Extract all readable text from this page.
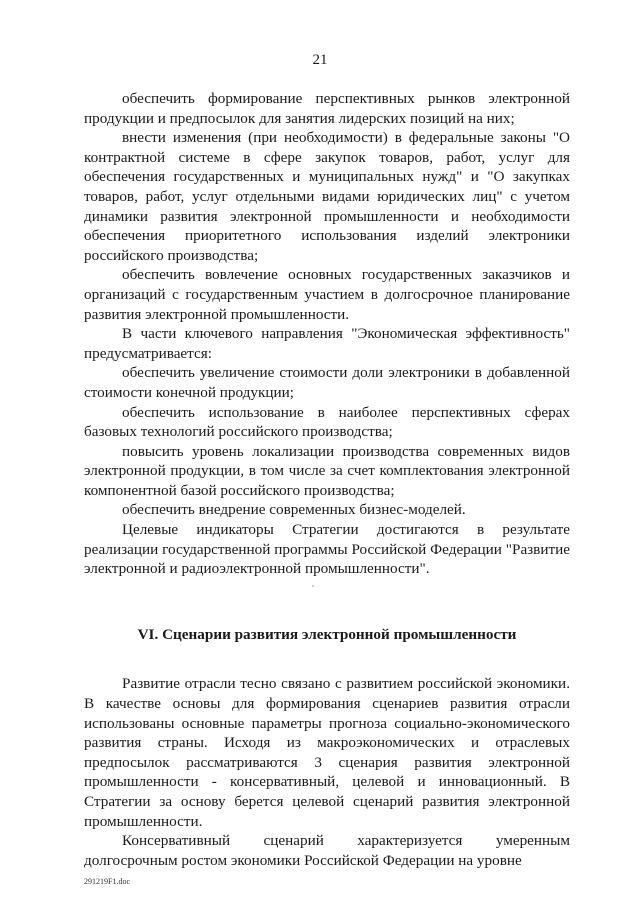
21

обеспечить формирование перспективных рынков электронной продукции и предпосылок для занятия лидерских позиций на них;

внести изменения (при необходимости) в федеральные законы "О контрактной системе в сфере закупок товаров, работ, услуг для обеспечения государственных и муниципальных нужд" и "О закупках товаров, работ, услуг отдельными видами юридических лиц" с учетом динамики развития электронной промышленности и необходимости обеспечения приоритетного использования изделий электроники российского производства;

обеспечить вовлечение основных государственных заказчиков и организаций с государственным участием в долгосрочное планирование развития электронной промышленности.

В части ключевого направления "Экономическая эффективность" предусматривается:

обеспечить увеличение стоимости доли электроники в добавленной стоимости конечной продукции;

обеспечить использование в наиболее перспективных сферах базовых технологий российского производства;

повысить уровень локализации производства современных видов электронной продукции, в том числе за счет комплектования электронной компонентной базой российского производства;

обеспечить внедрение современных бизнес-моделей.

Целевые индикаторы Стратегии достигаются в результате реализации государственной программы Российской Федерации "Развитие электронной и радиоэлектронной промышленности".

VI. Сценарии развития электронной промышленности

Развитие отрасли тесно связано с развитием российской экономики. В качестве основы для формирования сценариев развития отрасли использованы основные параметры прогноза социально-экономического развития страны. Исходя из макроэкономических и отраслевых предпосылок рассматриваются 3 сценария развития электронной промышленности - консервативный, целевой и инновационный. В Стратегии за основу берется целевой сценарий развития электронной промышленности.

Консервативный сценарий характеризуется умеренным долгосрочным ростом экономики Российской Федерации на уровне

291219F1.doc
